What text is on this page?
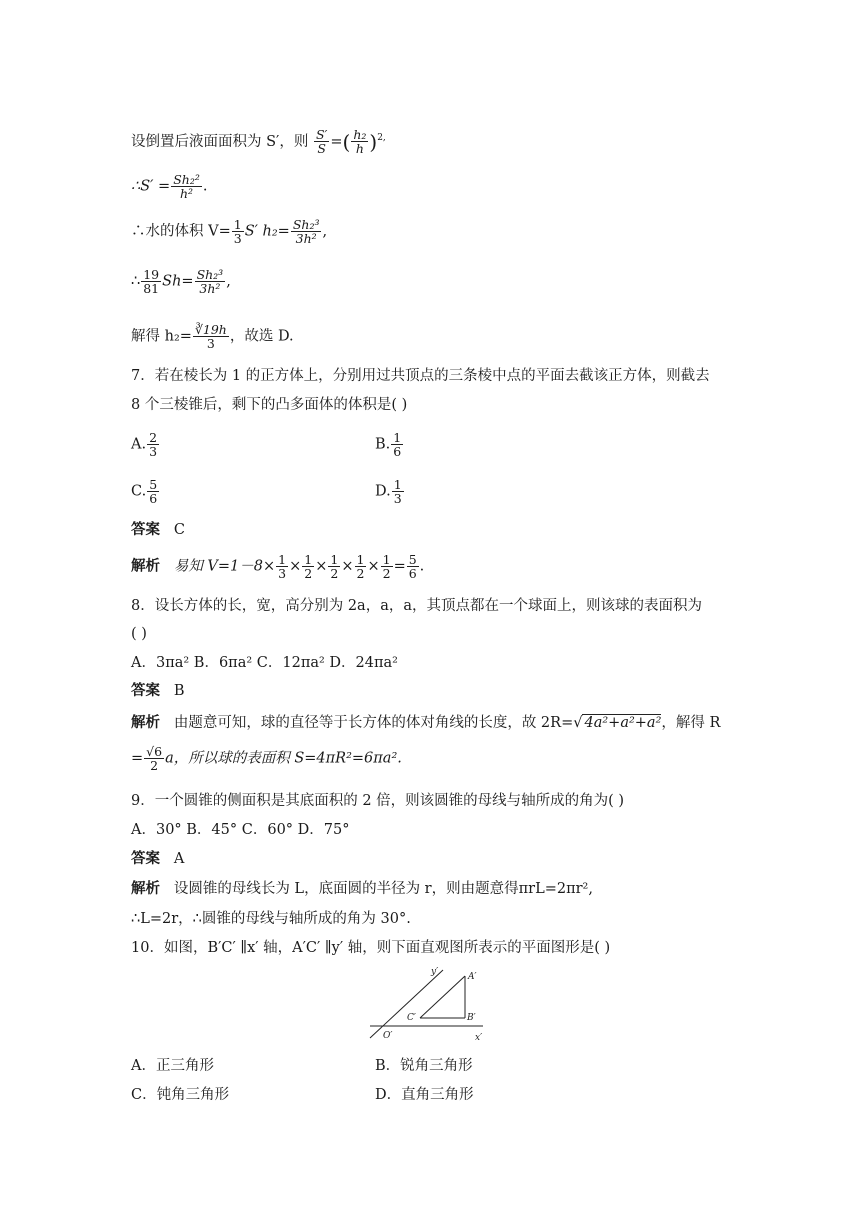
设倒置后液面面积为 S′，则 $\frac{S'}{S}$ =( $\frac{\text{h₂}}{h} )^{2,}$
∴S′ = $\frac{\text{Sh₂²}}{\text{h²}}$ .
∴水的体积 $V= \frac{1}{3} S'$ $h_2= \frac{\text{Sh₂³}}{\text{3h²}}$ ,
∴ $\frac{19}{81} Sh= \frac{\text{Sh₂³}}{\text{3h²}}$ ,
解得 $h_2= \frac{∛19h}{3}$ ，故选 D.
7．若在棱长为 1 的正方体上，分别用过共顶点的三条棱中点的平面去截该正方体，则截去
8 个三棱锥后，剩下的凸多面体的体积是( )
A. $\frac{2}{3}$	B. $\frac{1}{6}$
C. $\frac{5}{6}$	D. $\frac{1}{3}$
答案 C
解析 易知 $V=1-8\times \frac{1}{3} \times \frac{1}{2} \times \frac{1}{2} \times \frac{1}{2} \times \frac{1}{2} = \frac{5}{6}$ .
8．设长方体的长，宽，高分别为 2a，a，a，其顶点都在一个球面上，则该球的表面积为
( )
A．3πa² B．6πa² C．12πa² D．24πa²
答案 B
解析 由题意可知，球的直径等于长方体的体对角线的长度，故 2R=√ 4a²+a²+a²，解得 R
= $\frac{√6}{2}$ a，所以球的表面积 S=4πR²=6πa².
9．一个圆锥的侧面积是其底面积的 2 倍，则该圆锥的母线与轴所成的角为( )
A．30° B．45° C．60° D．75°
答案 A
解析 设圆锥的母线长为 L，底面圆的半径为 r，则由题意得πrL=2πr²,
∴L=2r，∴圆锥的母线与轴所成的角为 30°.
10．如图，B′C′ ∥x′ 轴，A′C′ ∥y′ 轴，则下面直观图所表示的平面图形是( )
y′	A′
C′	B′
O′	x′
A．正三角形	B．锐角三角形
C．钝角三角形	D．直角三角形
